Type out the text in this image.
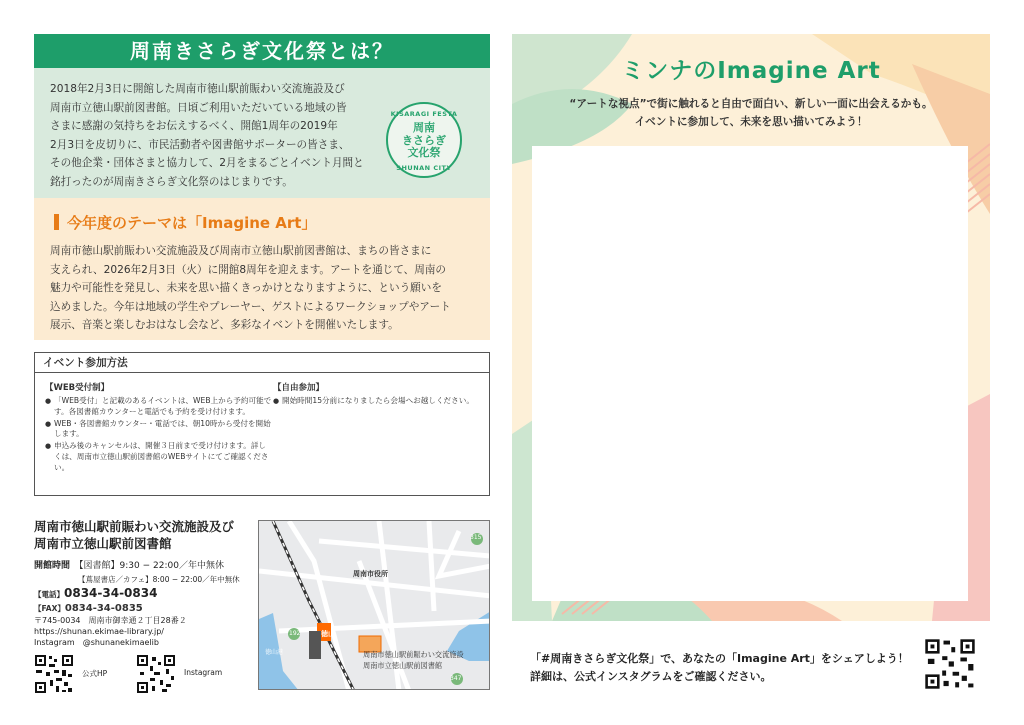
周南きさらぎ文化祭とは？
2018年2月3日に開館した周南市徳山駅前賑わい交流施設及び
周南市立徳山駅前図書館。日頃ご利用いただいている地域の皆
さまに感謝の気持ちをお伝えするべく、開館1周年の2019年
2月3日を皮切りに、市民活動者や図書館サポーターの皆さま、
その他企業・団体さまと協力して、2月をまるごとイベント月間と
銘打ったのが周南きさらぎ文化祭のはじまりです。
KISARAGI FESTA
周南
きさらぎ
文化祭
SHUNAN CITY
今年度のテーマは「Imagine Art」
周南市徳山駅前賑わい交流施設及び周南市立徳山駅前図書館は、まちの皆さまに
支えられ、2026年2月3日（火）に開館8周年を迎えます。アートを通じて、周南の
魅力や可能性を発見し、未来を思い描くきっかけとなりますように、という願いを
込めました。今年は地域の学生やプレーヤー、ゲストによるワークショップやアート
展示、音楽と楽しむおはなし会など、多彩なイベントを開催いたします。
イベント参加方法
【WEB受付制】
● 「WEB受付」と記載のあるイベントは、WEB上から予約可能です。各図書館カウンターと電話でも予約を受け付けます。
● WEB・各図書館カウンター・電話では、朝10時から受付を開始します。
● 申込み後のキャンセルは、開催３日前まで受け付けます。詳しくは、周南市立徳山駅前図書館のWEBサイトにてご確認ください。
【自由参加】
● 開始時間15分前になりましたら会場へお越しください。
周南市徳山駅前賑わい交流施設及び
周南市立徳山駅前図書館
開館時間　 【図書館】9:30 − 22:00／年中無休
【蔦屋書店／カフェ】8:00 − 22:00／年中無休
【電話】0834-34-0834
【FAX】0834-34-0835
〒745-0034　周南市御幸通２丁目28番２
https://shunan.ekimae-library.jp/
Instagram　@shunanekimaelib
公式HP	Instagram
周南市役所
徳山
周南市徳山駅前賑わい交流施設
周南市立徳山駅前図書館
315
192
347
徳山港
ミンナのImagine Art
“アートな視点”で街に触れると自由で面白い、新しい一面に出会えるかも。
イベントに参加して、未来を思い描いてみよう！
「#周南きさらぎ文化祭」で、あなたの「Imagine Art」をシェアしよう！
詳細は、公式インスタグラムをご確認ください。
